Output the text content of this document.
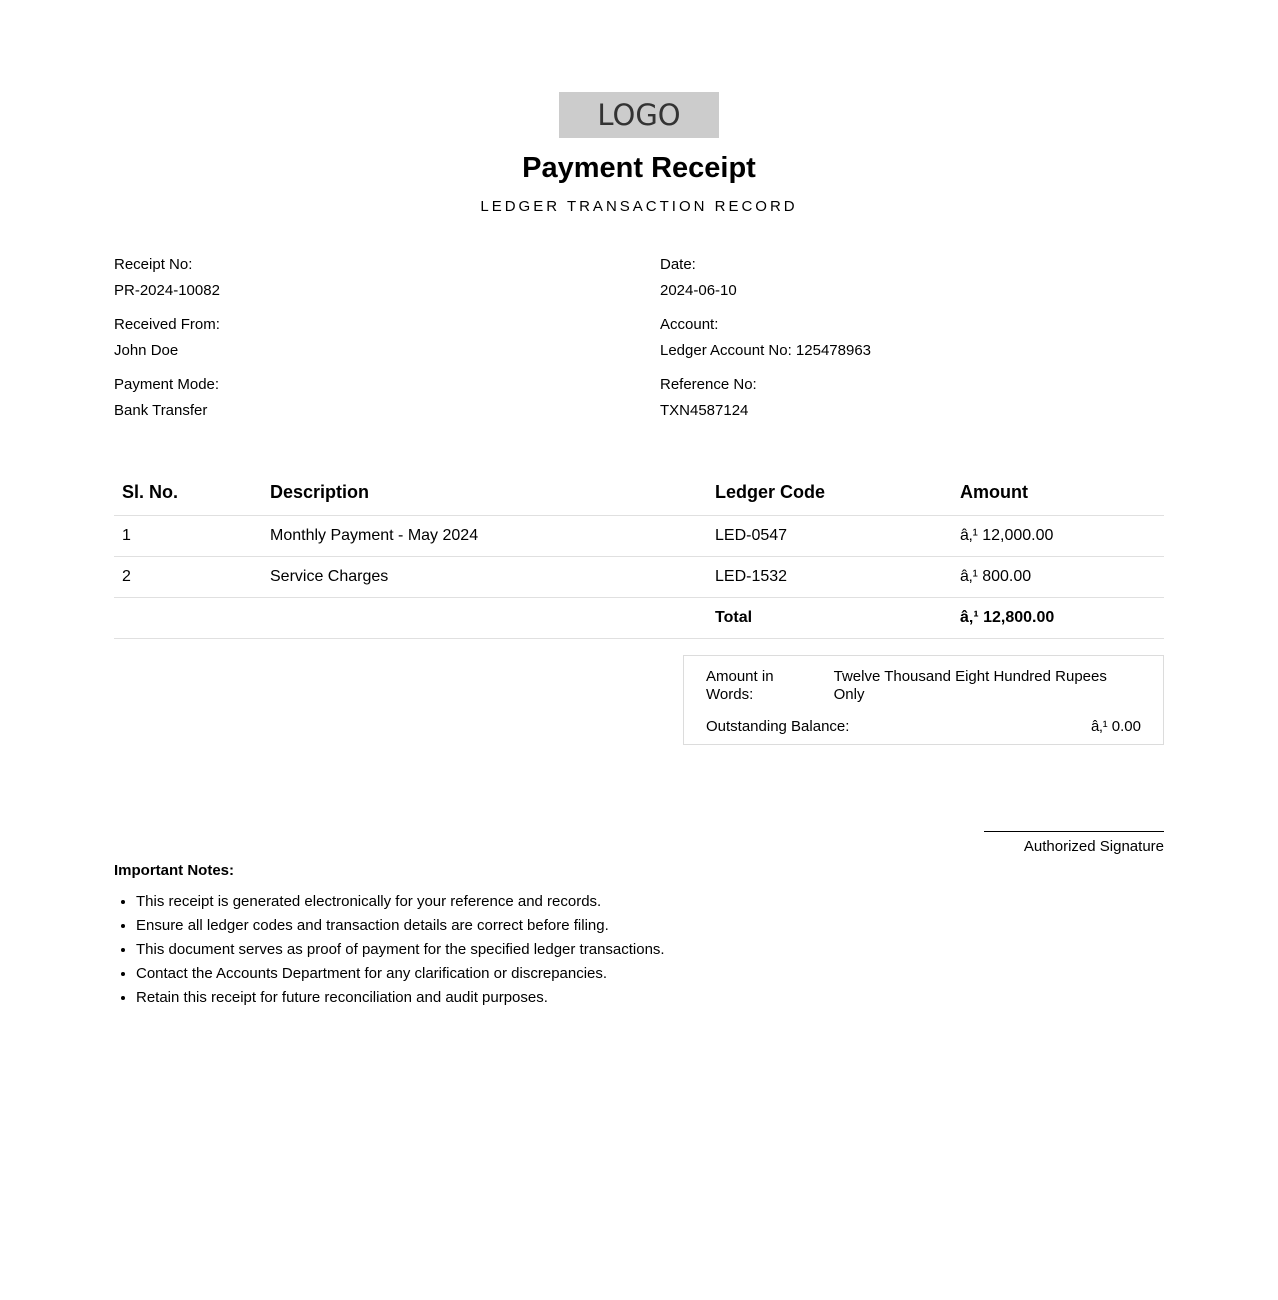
LOGO
Payment Receipt
LEDGER TRANSACTION RECORD
Receipt No:
PR-2024-10082
Date:
2024-06-10
Received From:
John Doe
Account:
Ledger Account No: 125478963
Payment Mode:
Bank Transfer
Reference No:
TXN4587124
Sl. No.	Description	Ledger Code	Amount
1	Monthly Payment - May 2024	LED-0547	â‚¹ 12,000.00
2	Service Charges	LED-1532	â‚¹ 800.00
		Total	â‚¹ 12,800.00
Amount in Words:
Twelve Thousand Eight Hundred Rupees Only
Outstanding Balance:	â‚¹ 0.00
Authorized Signature
Important Notes:
• This receipt is generated electronically for your reference and records.
• Ensure all ledger codes and transaction details are correct before filing.
• This document serves as proof of payment for the specified ledger transactions.
• Contact the Accounts Department for any clarification or discrepancies.
• Retain this receipt for future reconciliation and audit purposes.
